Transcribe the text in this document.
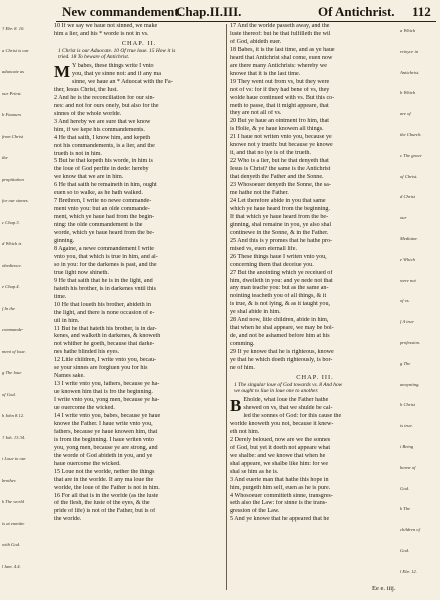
New commandement.
Chap.II.III.	Of Antichrist. 112
† Ebr. 8. 10.
a Christ is our
aduocate as
our Priest.
b Fauours
from Christ
the
propitiation
for our sinnes.
c Chap.3.
d Which is
obedience.
e Chap.4.
f In the
commande-
ment of loue.
g The loue
of God.
h Iohn 8.12.
† Ioh. 13.34.
i Loue to our
brother.
k The world
is at enmitie
with God.
l Iam. 4.4.
10 If we say we haue not sinned, we make
him a lier, and his * worde is not in vs.
CHAP. II.
1 Christ is our Aduocate. 10 Of true loue. 15 How it is
tried. 18 To beware of Antichrist.
M Y babes, these things write I vnto
you, that ye sinne not: and if any ma
sinne, we haue an * Aduocat with the Fa-
ther, Iesus Christ, the Iust.
2 And he is the reconciliation for our sin-
nes: and not for ours onely, but also for the
sinnes of the whole worlde.
3 And hereby we are sure that we know
him, if we kepe his commandements.
4 He that saith, I know him, and kepeth
not his commandements, is a lier, and the
trueth is not in him.
5 But he that kepeth his worde, in him is
the loue of God perfite in dede: hereby
we know that we are in him.
6 He that saith he remaineth in him, ought
euen so to walke, as he hath walked.
7 Brethren, I write no newe commande-
ment vnto you: but an olde commande-
ment, which ye haue had from the begin-
ning: the olde commandement is the
worde, which ye haue heard from the be-
ginning.
8 Againe, a newe commandement I write
vnto you, that which is true in him, and al-
so in you: for the darkenes is past, and the
true light now shineth.
9 He that saith that he is in the light, and
hateth his brother, is in darkenes vntil this
time.
10 He that loueth his brother, abideth in
the light, and there is none occasion of e-
uil in him.
11 But he that hateth his brother, is in dar-
kenes, and walketh in darkenes, & knoweth
not whither he goeth, because that darke-
nes hathe blinded his eyes.
12 Litle children, I write vnto you, becau-
se your sinnes are forgiuen you for his
Names sake.
13 I write vnto you, fathers, because ye ha-
ue knowen him that is fro the beginning.
I write vnto you, yong men, because ye ha-
ue ouercome the wicked.
14 I write vnto you, babes, because ye haue
knowe the Father. I haue write vnto you,
fathers, because ye haue knowen him, that
is from the beginning. I haue writen vnto
you, yong men, because ye are strong, and
the worde of God abideth in you, and ye
haue ouercome the wicked.
15 Loue not the worlde, nether the things
that are in the worlde. If any ma loue the
worlde, the loue of the Father is not in him.
16 For all that is in the worlde (as the luste
of the flesh, the luste of the eyes, & the
pride of life) is not of the Father, but is of
the worlde.
17 And the worlde passeth away, and the
luste thereof: but he that fulfilleth the wil
of God, abideth euer.
18 Babes, it is the last time, and as ye haue
heard that Antichrist shal come, euen now
are there many Antichrists: whereby we
knowe that it is the last time.
19 They went out from vs, but they were
not of vs: for if they had bene of vs, they
wolde haue continued with vs. But this co-
meth to passe, that it might appeare, that
they are not all of vs.
20 But ye haue an ointment fro him, that
is Holie, & ye haue knowen all things.
21 I haue not writen vnto you, because ye
knowe not y trueth: but because ye knowe
it, and that no lye is of the trueth.
22 Who is a lier, but he that denyeth that
Iesus is Christ? the same is the Antichrist
that denyeth the Father and the Sonne.
23 Whosoeuer denyeth the Sonne, the sa-
me hathe not the Father.
24 Let therefore abide in you that same
which ye haue heard from the beginning.
If that which ye haue heard from the be-
ginning, shal remaine in you, ye also shal
continewe in the Sonne, & in the Father.
25 And this is y promes that he hathe pro-
mised vs, euen eternall life.
26 These things haue I writen vnto you,
concerning them that deceiue you.
27 But the anointing which ye receiued of
him, dwelleth in you: and ye nede not that
any man teache you: but as the same an-
nointing teacheth you of all things, & it
is true, & is not lying, & as it taught you,
ye shal abide in him.
28 And now, litle children, abide in him,
that when he shal appeare, we may be bol-
de, and not be ashamed before him at his
comming.
29 If ye knowe that he is righteous, knowe
ye that he which doeth righteously, is bor-
ne of him.
CHAP. III.
1 The singular loue of God towards vs. 8 And how
we ought to liue in loue one to another.
B Eholde, what loue the Father hathe
shewed on vs, that we shulde be cal-
led the sonnes of God: for this cause the
worlde knoweth you not, because it knew-
eth not him.
2 Derely beloued, now are we the sonnes
of God, but yet it doeth not appeare what
we shalbe: and we knowe that when he
shal appeare, we shalbe like him: for we
shal se him as he is.
3 And euerie man that hathe this hope in
him, purgeth him self, euen as he is pure.
4 Whosoeuer committeth sinne, transgres-
seth also the Law: for sinne is the trans-
gression of the Law.
5 And ye knowe that he appeared that he
a Which
reioyce in
Antichrist.
b Which
are of
the Church.
c The grace
of Christ.
d Christ
our
Mediator.
e Which
were not
of vs.
f A true
profession.
g The
anoynting.
h Christ
is true.
i Being
borne of
God.
k The
children of
God.
l Ebr. 12.
Ee e. iiij.
